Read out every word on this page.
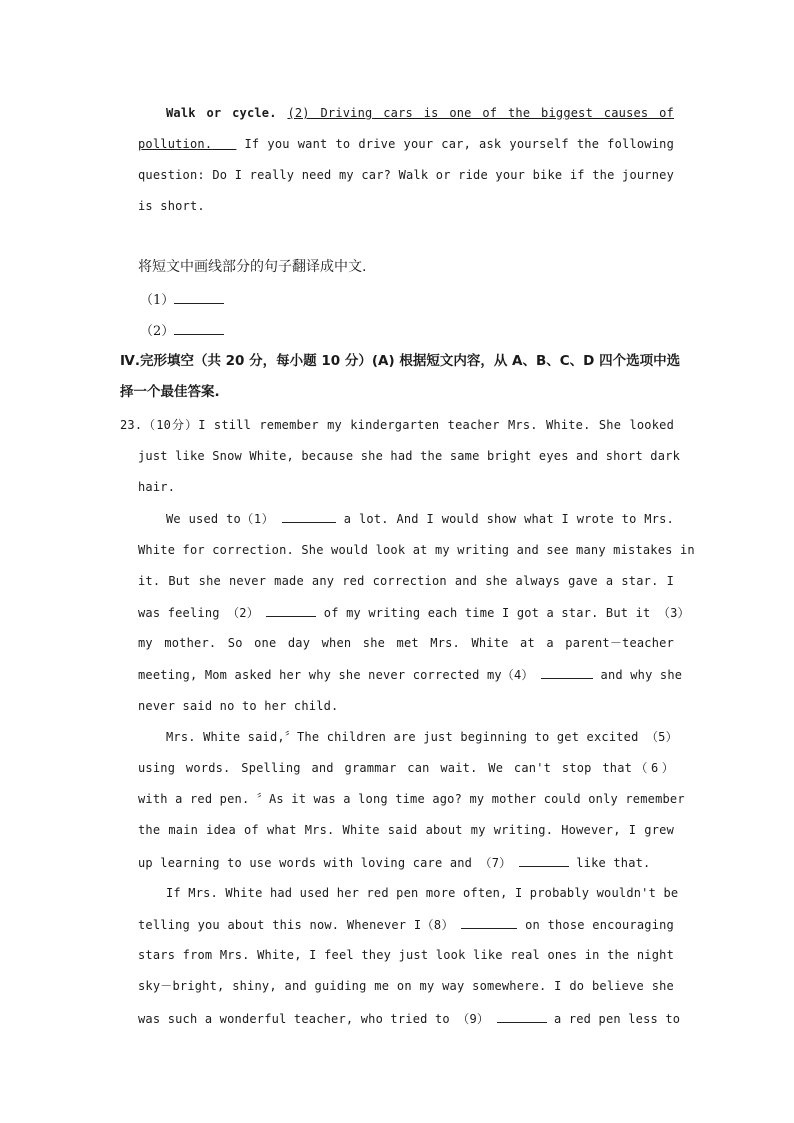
Walk or cycle. (2) Driving cars is one of the biggest causes of
pollution.	If you want to drive your car, ask yourself the following
question: Do I really need my car? Walk or ride your bike if the journey
is short.
将短文中画线部分的句子翻译成中文.
（1）
（2）
Ⅳ.完形填空（共 20 分，每小题 10 分）(A) 根据短文内容，从 A、B、C、D 四个选项中选
择一个最佳答案.
23.（10分）I still remember my kindergarten teacher Mrs. White. She looked
just like Snow White, because she had the same bright eyes and short dark
hair.
We used to（1）	a lot. And I would show what I wrote to Mrs.
White for correction. She would look at my writing and see many mistakes in
it. But she never made any red correction and she always gave a star. I
was feeling （2）	of my writing each time I got a star. But it （3）
my mother. So one day when she met Mrs. White at a parent－teacher
meeting, Mom asked her why she never corrected my（4）	and why she
never said no to her child.
Mrs. White said,〞The children are just beginning to get excited （5）
using words. Spelling and grammar can wait. We can't stop that（6）
with a red pen. 〞As it was a long time ago? my mother could only remember
the main idea of what Mrs. White said about my writing. However, I grew
up learning to use words with loving care and （7）	like that.
If Mrs. White had used her red pen more often, I probably wouldn't be
telling you about this now. Whenever I（8）	on those encouraging
stars from Mrs. White, I feel they just look like real ones in the night
sky－bright, shiny, and guiding me on my way somewhere. I do believe she
was such a wonderful teacher, who tried to （9）	a red pen less to
